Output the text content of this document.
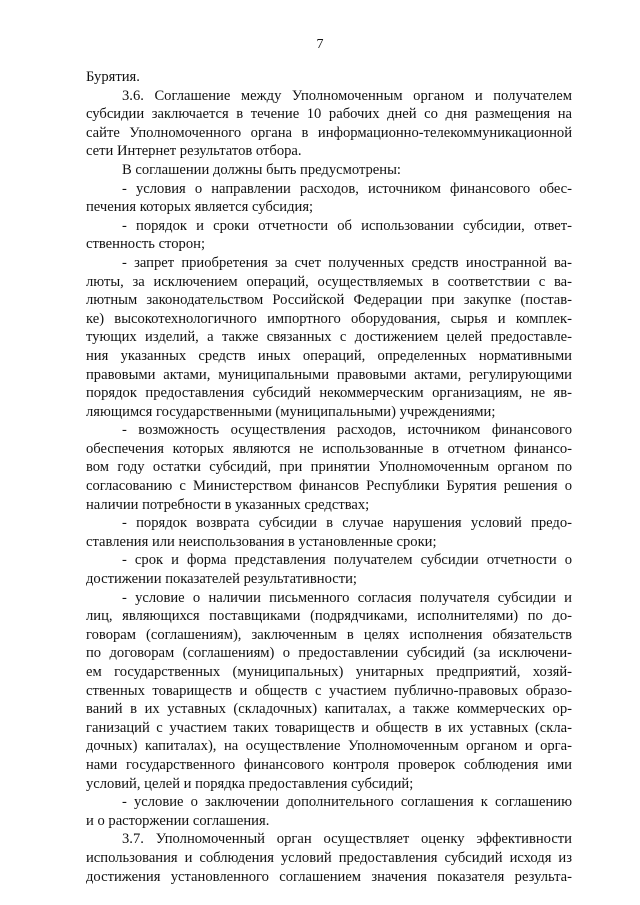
7
Бурятия.
3.6. Соглашение между Уполномоченным органом и получателем
субсидии заключается в течение 10 рабочих дней со дня размещения на
сайте Уполномоченного органа в информационно-телекоммуникационной
сети Интернет результатов отбора.
В соглашении должны быть предусмотрены:
- условия о направлении расходов, источником финансового обес-
печения которых является субсидия;
- порядок и сроки отчетности об использовании субсидии, ответ-
ственность сторон;
- запрет приобретения за счет полученных средств иностранной ва-
люты, за исключением операций, осуществляемых в соответствии с ва-
лютным законодательством Российской Федерации при закупке (постав-
ке) высокотехнологичного импортного оборудования, сырья и комплек-
тующих изделий, а также связанных с достижением целей предоставле-
ния указанных средств иных операций, определенных нормативными
правовыми актами, муниципальными правовыми актами, регулирующими
порядок предоставления субсидий некоммерческим организациям, не яв-
ляющимся государственными (муниципальными) учреждениями;
- возможность осуществления расходов, источником финансового
обеспечения которых являются не использованные в отчетном финансо-
вом году остатки субсидий, при принятии Уполномоченным органом по
согласованию с Министерством финансов Республики Бурятия решения о
наличии потребности в указанных средствах;
- порядок возврата субсидии в случае нарушения условий предо-
ставления или неиспользования в установленные сроки;
- срок и форма представления получателем субсидии отчетности о
достижении показателей результативности;
- условие о наличии письменного согласия получателя субсидии и
лиц, являющихся поставщиками (подрядчиками, исполнителями) по до-
говорам (соглашениям), заключенным в целях исполнения обязательств
по договорам (соглашениям) о предоставлении субсидий (за исключени-
ем государственных (муниципальных) унитарных предприятий, хозяй-
ственных товариществ и обществ с участием публично-правовых образо-
ваний в их уставных (складочных) капиталах, а также коммерческих ор-
ганизаций с участием таких товариществ и обществ в их уставных (скла-
дочных) капиталах), на осуществление Уполномоченным органом и орга-
нами государственного финансового контроля проверок соблюдения ими
условий, целей и порядка предоставления субсидий;
- условие о заключении дополнительного соглашения к соглашению
и о расторжении соглашения.
3.7. Уполномоченный орган осуществляет оценку эффективности
использования и соблюдения условий предоставления субсидий исходя из
достижения установленного соглашением значения показателя результа-
